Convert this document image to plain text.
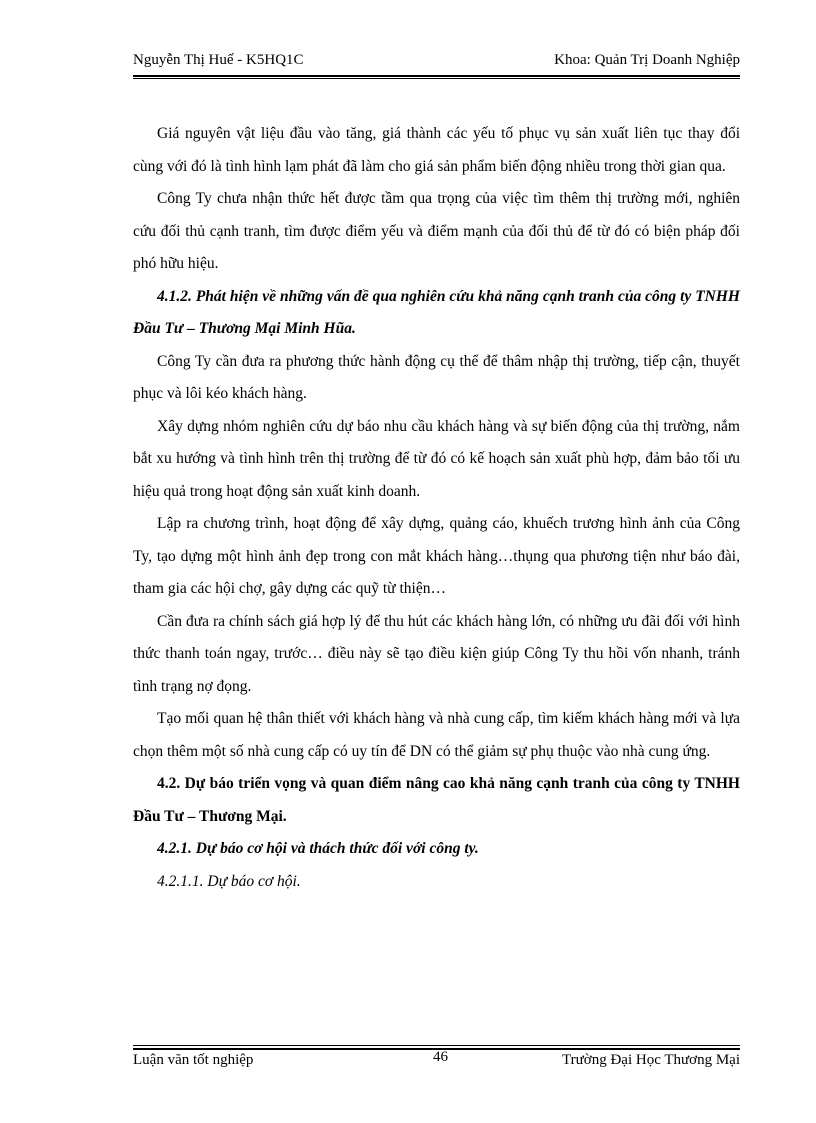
Nguyễn Thị Huế - K5HQ1C	Khoa: Quản Trị Doanh Nghiệp

Giá nguyên vật liệu đầu vào tăng, giá thành các yếu tố phục vụ sản xuất liên tục thay đổi cùng với đó là tình hình lạm phát đã làm cho giá sản phẩm biến động nhiều trong thời gian qua.

Công Ty chưa nhận thức hết được tầm qua trọng của việc tìm thêm thị trường mới, nghiên cứu đối thủ cạnh tranh, tìm được điểm yếu và điểm mạnh của đối thủ để từ đó có biện pháp đối phó hữu hiệu.

4.1.2. Phát hiện về những vấn đề qua nghiên cứu khả năng cạnh tranh của công ty TNHH Đầu Tư – Thương Mại Minh Hũa.

Công Ty cần đưa ra phương thức hành động cụ thể để thâm nhập thị trường, tiếp cận, thuyết phục và lôi kéo khách hàng.

Xây dựng nhóm nghiên cứu dự báo nhu cầu khách hàng và sự biến động của thị trường, nắm bắt xu hướng và tình hình trên thị trường để từ đó có kế hoạch sản xuất phù hợp, đảm bảo tối ưu hiệu quả trong hoạt động sản xuất kinh doanh.

Lập ra chương trình, hoạt động để xây dựng, quảng cáo, khuếch trương hình ảnh của Công Ty, tạo dựng một hình ảnh đẹp trong con mắt khách hàng…thụng qua phương tiện như báo đài, tham gia các hội chợ, gây dựng các quỹ từ thiện…

Cần đưa ra chính sách giá hợp lý để thu hút các khách hàng lớn, có những ưu đãi đối với hình thức thanh toán ngay, trước… điều này sẽ tạo điều kiện giúp Công Ty thu hồi vốn nhanh, tránh tình trạng nợ đọng.

Tạo mối quan hệ thân thiết với khách hàng và nhà cung cấp, tìm kiếm khách hàng mới và lựa chọn thêm một số nhà cung cấp có uy tín để DN có thể giảm sự phụ thuộc vào nhà cung ứng.

4.2. Dự báo triển vọng và quan điểm nâng cao khả năng cạnh tranh của công ty TNHH Đầu Tư – Thương Mại.

4.2.1. Dự báo cơ hội và thách thức đối với công ty.

4.2.1.1. Dự báo cơ hội.

Luận văn tốt nghiệp	46	Trường Đại Học Thương Mại
